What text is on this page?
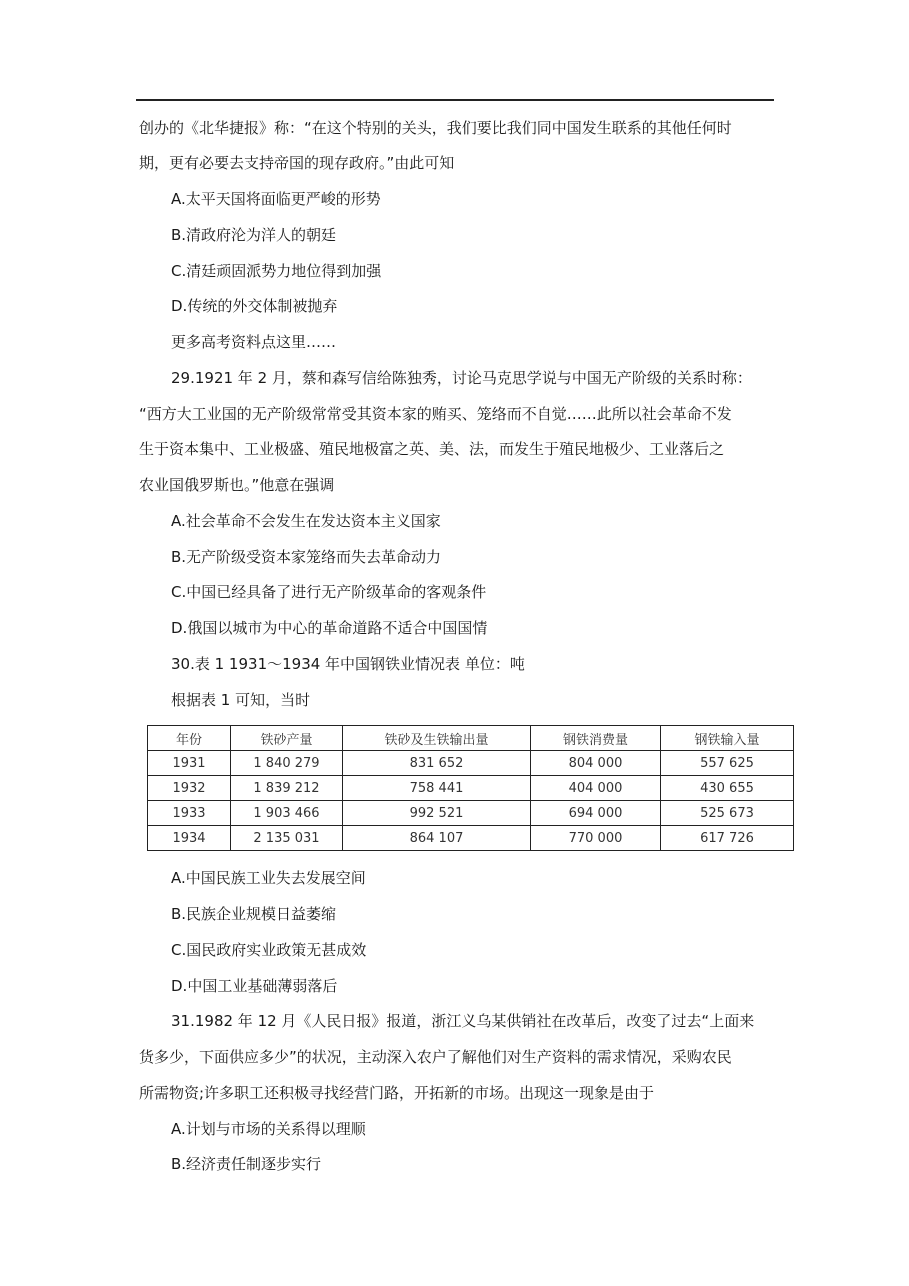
创办的《北华捷报》称：“在这个特别的关头，我们要比我们同中国发生联系的其他任何时
期，更有必要去支持帝国的现存政府。”由此可知
A.太平天国将面临更严峻的形势
B.清政府沦为洋人的朝廷
C.清廷顽固派势力地位得到加强
D.传统的外交体制被抛弃
更多高考资料点这里……
29.1921 年 2 月，蔡和森写信给陈独秀，讨论马克思学说与中国无产阶级的关系时称：
“西方大工业国的无产阶级常常受其资本家的贿买、笼络而不自觉……此所以社会革命不发
生于资本集中、工业极盛、殖民地极富之英、美、法，而发生于殖民地极少、工业落后之
农业国俄罗斯也。”他意在强调
A.社会革命不会发生在发达资本主义国家
B.无产阶级受资本家笼络而失去革命动力
C.中国已经具备了进行无产阶级革命的客观条件
D.俄国以城市为中心的革命道路不适合中国国情
30.表 1 1931～1934 年中国钢铁业情况表 单位：吨
根据表 1 可知，当时
年份	铁砂产量	铁砂及生铁输出量	钢铁消费量	钢铁输入量
1931	1 840 279	831 652	804 000	557 625
1932	1 839 212	758 441	404 000	430 655
1933	1 903 466	992 521	694 000	525 673
1934	2 135 031	864 107	770 000	617 726
A.中国民族工业失去发展空间
B.民族企业规模日益萎缩
C.国民政府实业政策无甚成效
D.中国工业基础薄弱落后
31.1982 年 12 月《人民日报》报道，浙江义乌某供销社在改革后，改变了过去“上面来
货多少，下面供应多少”的状况，主动深入农户了解他们对生产资料的需求情况，采购农民
所需物资;许多职工还积极寻找经营门路，开拓新的市场。出现这一现象是由于
A.计划与市场的关系得以理顺
B.经济责任制逐步实行
